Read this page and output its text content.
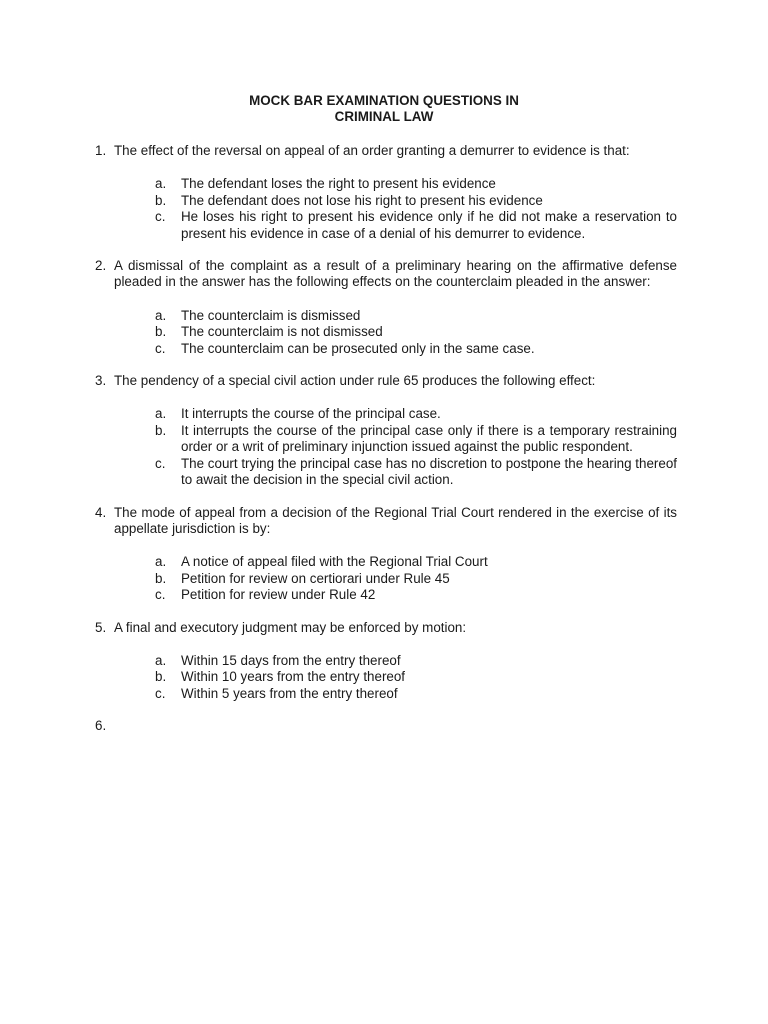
MOCK BAR EXAMINATION QUESTIONS IN
CRIMINAL LAW
1. The effect of the reversal on appeal of an order granting a demurrer to evidence is that:
a. The defendant loses the right to present his evidence
b. The defendant does not lose his right to present his evidence
c. He loses his right to present his evidence only if he did not make a reservation to present his evidence in case of a denial of his demurrer to evidence.
2. A dismissal of the complaint as a result of a preliminary hearing on the affirmative defense pleaded in the answer has the following effects on the counterclaim pleaded in the answer:
a. The counterclaim is dismissed
b. The counterclaim is not dismissed
c. The counterclaim can be prosecuted only in the same case.
3. The pendency of a special civil action under rule 65 produces the following effect:
a. It interrupts the course of the principal case.
b. It interrupts the course of the principal case only if there is a temporary restraining order or a writ of preliminary injunction issued against the public respondent.
c. The court trying the principal case has no discretion to postpone the hearing thereof to await the decision in the special civil action.
4. The mode of appeal from a decision of the Regional Trial Court rendered in the exercise of its appellate jurisdiction is by:
a. A notice of appeal filed with the Regional Trial Court
b. Petition for review on certiorari under Rule 45
c. Petition for review under Rule 42
5. A final and executory judgment may be enforced by motion:
a. Within 15 days from the entry thereof
b. Within 10 years from the entry thereof
c. Within 5 years from the entry thereof
6.
